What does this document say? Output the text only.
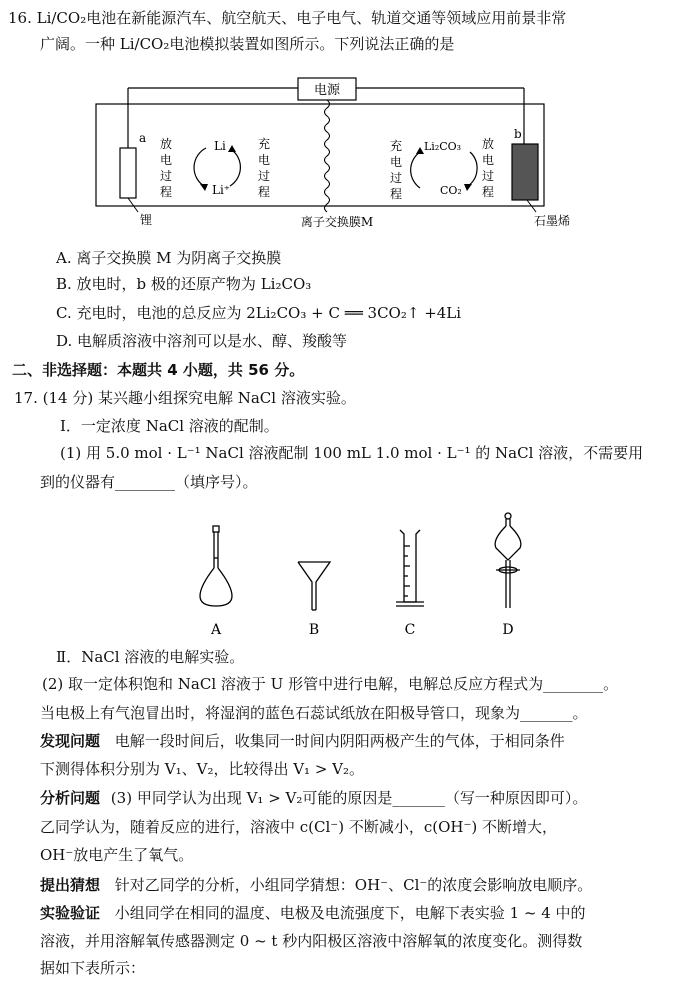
16. Li/CO₂电池在新能源汽车、航空航天、电子电气、轨道交通等领域应用前景非常
广阔。一种 Li/CO₂电池模拟装置如图所示。下列说法正确的是
电源
a	b
放电过程
Li
Li⁺
充电过程
充电过程
Li₂CO₃
CO₂
放电过程
锂	离子交换膜M	石墨烯
A. 离子交换膜 M 为阴离子交换膜
B. 放电时，b 极的还原产物为 Li₂CO₃
C. 充电时，电池的总反应为 2Li₂CO₃ + C ══ 3CO₂↑ +4Li
D. 电解质溶液中溶剂可以是水、醇、羧酸等
二、非选择题：本题共 4 小题，共 56 分。
17. (14 分) 某兴趣小组探究电解 NaCl 溶液实验。
Ⅰ．一定浓度 NaCl 溶液的配制。
(1) 用 5.0 mol · L⁻¹ NaCl 溶液配制 100 mL 1.0 mol · L⁻¹ 的 NaCl 溶液，不需要用
到的仪器有________（填序号）。
A	B	C	D
Ⅱ．NaCl 溶液的电解实验。
(2) 取一定体积饱和 NaCl 溶液于 U 形管中进行电解，电解总反应方程式为________。
当电极上有气泡冒出时，将湿润的蓝色石蕊试纸放在阳极导管口，现象为_______。
发现问题 电解一段时间后，收集同一时间内阴阳两极产生的气体，于相同条件
下测得体积分别为 V₁、V₂，比较得出 V₁ > V₂。
分析问题 (3) 甲同学认为出现 V₁ > V₂可能的原因是_______（写一种原因即可）。
乙同学认为，随着反应的进行，溶液中 c(Cl⁻) 不断减小，c(OH⁻) 不断增大，
OH⁻放电产生了氧气。
提出猜想 针对乙同学的分析，小组同学猜想：OH⁻、Cl⁻的浓度会影响放电顺序。
实验验证 小组同学在相同的温度、电极及电流强度下，电解下表实验 1 ~ 4 中的
溶液，并用溶解氧传感器测定 0 ~ t 秒内阳极区溶液中溶解氧的浓度变化。测得数
据如下表所示：
